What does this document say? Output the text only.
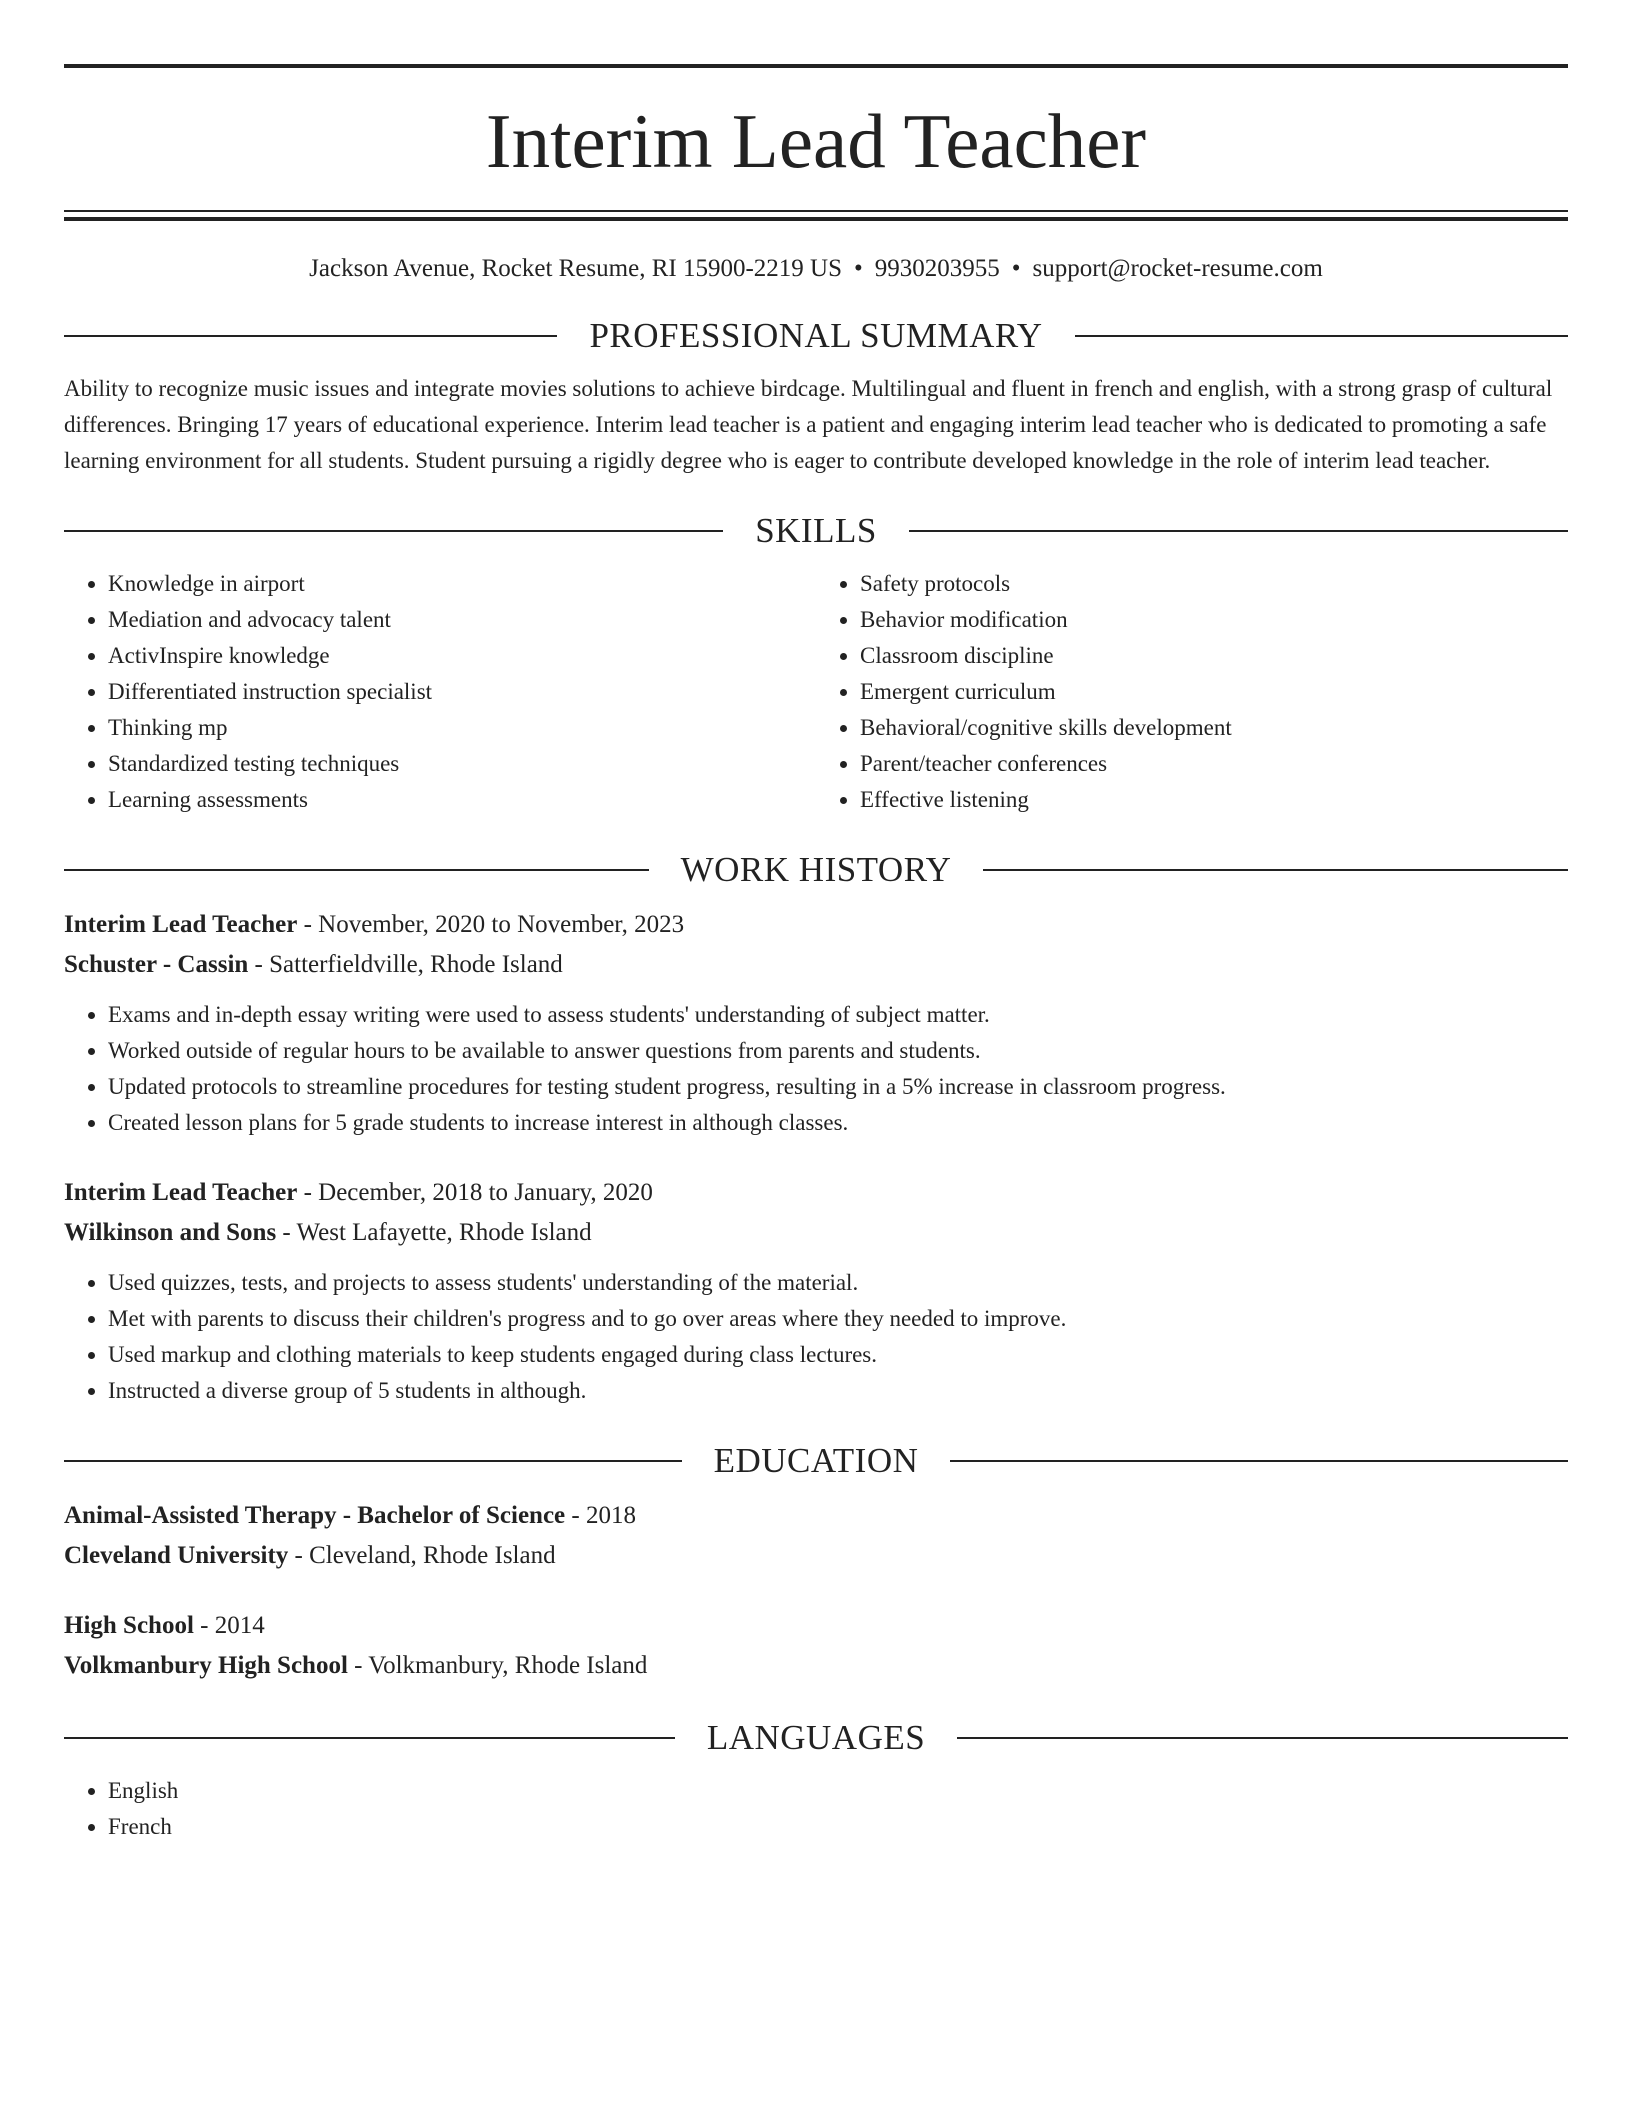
Interim Lead Teacher
Jackson Avenue, Rocket Resume, RI 15900-2219 US • 9930203955 • support@rocket-resume.com
PROFESSIONAL SUMMARY

Ability to recognize music issues and integrate movies solutions to achieve birdcage. Multilingual and fluent in french and english, with a strong grasp of cultural differences. Bringing 17 years of educational experience. Interim lead teacher is a patient and engaging interim lead teacher who is dedicated to promoting a safe learning environment for all students. Student pursuing a rigidly degree who is eager to contribute developed knowledge in the role of interim lead teacher.

SKILLS
• Knowledge in airport
• Mediation and advocacy talent
• ActivInspire knowledge
• Differentiated instruction specialist
• Thinking mp
• Standardized testing techniques
• Learning assessments
• Safety protocols
• Behavior modification
• Classroom discipline
• Emergent curriculum
• Behavioral/cognitive skills development
• Parent/teacher conferences
• Effective listening
WORK HISTORY
Interim Lead Teacher - November, 2020 to November, 2023
Schuster - Cassin - Satterfieldville, Rhode Island
• Exams and in-depth essay writing were used to assess students' understanding of subject matter.
• Worked outside of regular hours to be available to answer questions from parents and students.
• Updated protocols to streamline procedures for testing student progress, resulting in a 5% increase in classroom progress.
• Created lesson plans for 5 grade students to increase interest in although classes.
Interim Lead Teacher - December, 2018 to January, 2020
Wilkinson and Sons - West Lafayette, Rhode Island
• Used quizzes, tests, and projects to assess students' understanding of the material.
• Met with parents to discuss their children's progress and to go over areas where they needed to improve.
• Used markup and clothing materials to keep students engaged during class lectures.
• Instructed a diverse group of 5 students in although.
EDUCATION
Animal-Assisted Therapy - Bachelor of Science - 2018
Cleveland University - Cleveland, Rhode Island
High School - 2014
Volkmanbury High School - Volkmanbury, Rhode Island
LANGUAGES
• English
• French
